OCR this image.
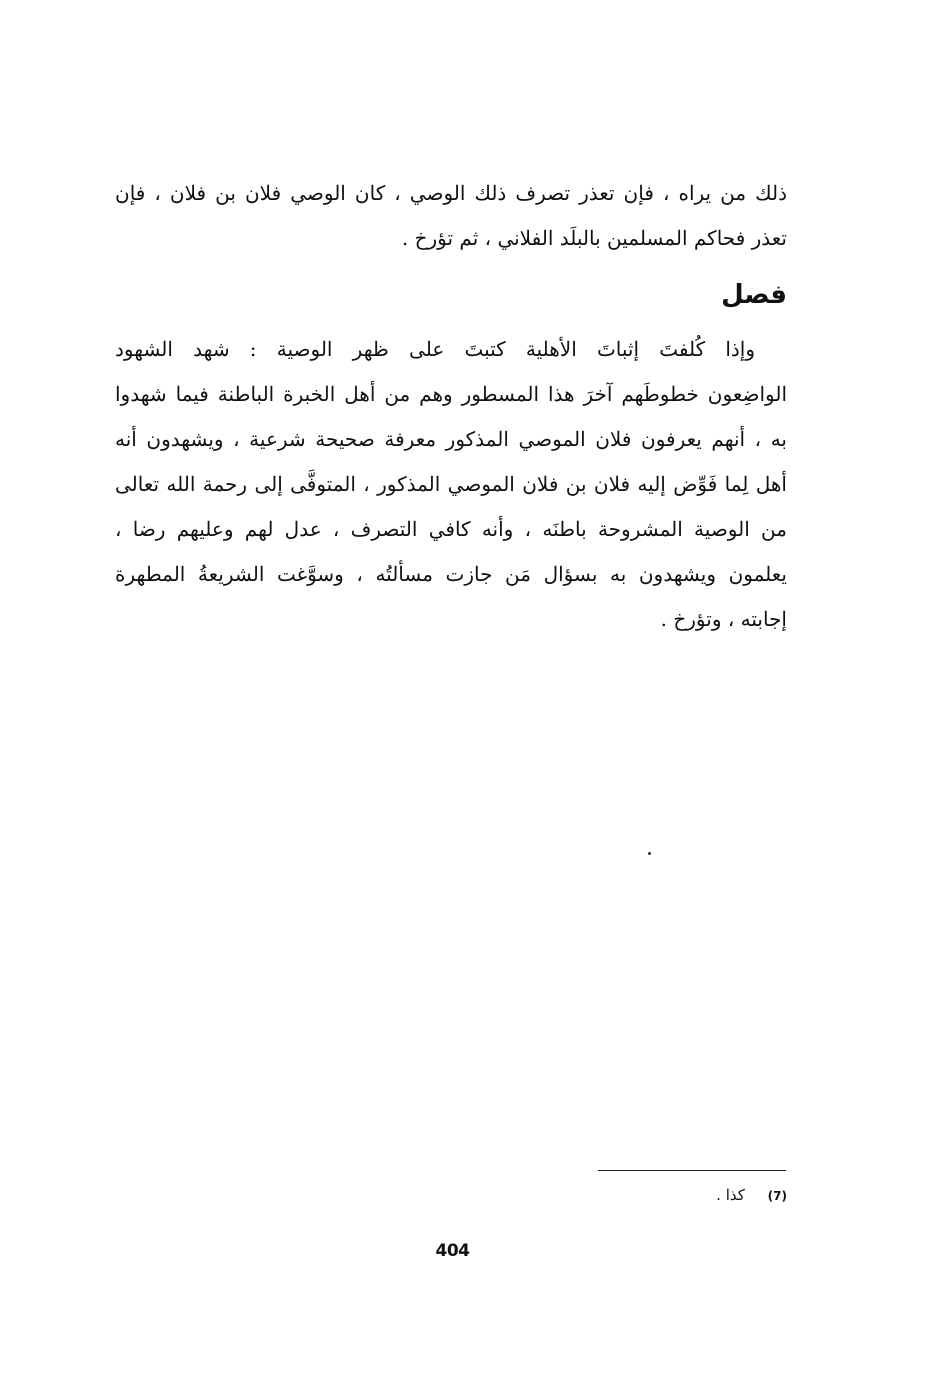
ذلك من يراه ، فإن تعذر تصرف ذلك الوصي ، كان الوصي فلان بن فلان ، فإن
تعذر فحاكم المسلمين بالبلَد الفلاني ، ثم تؤرخ .
فصل
وإذا كُلفتَ إثباتَ الأهلية كتبتَ على ظهر الوصية : شهد الشهود
الواضِعون خطوطَهم آخرَ هذا المسطور وهم من أهل الخبرة الباطنة فيما شهدوا
به ، أنهم يعرفون فلان الموصي المذكور معرفة صحيحة شرعية ، ويشهدون أنه
أهل لِما فَوِّض إليه فلان بن فلان الموصي المذكور ، المتوفَّى إلى رحمة الله تعالى
من الوصية المشروحة باطنَه ، وأنه كافي التصرف ، عدل لهم وعليهم رضا ،
يعلمون ويشهدون به بسؤال مَن جازت مسألتُه ، وسوَّغت الشريعةُ المطهرة
إجابته ، وتؤرخ .
(7) كذا .
404
